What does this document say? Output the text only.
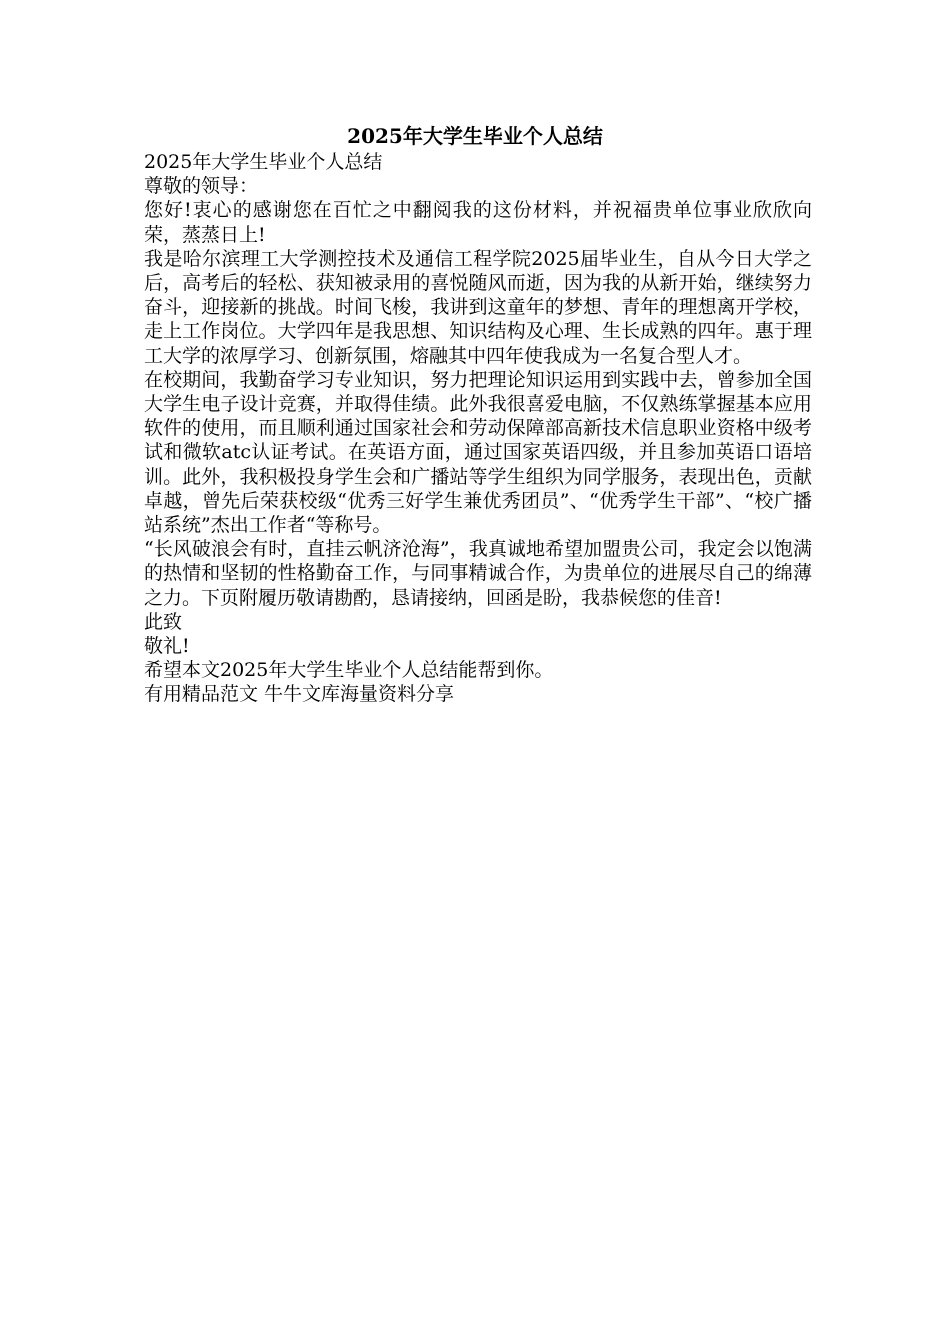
2025年大学生毕业个人总结

2025年大学生毕业个人总结

尊敬的领导：

您好!衷心的感谢您在百忙之中翻阅我的这份材料，并祝福贵单位事业欣欣向荣，蒸蒸日上!

我是哈尔滨理工大学测控技术及通信工程学院2025届毕业生，自从今日大学之后，高考后的轻松、获知被录用的喜悦随风而逝，因为我的从新开始，继续努力奋斗，迎接新的挑战。时间飞梭，我讲到这童年的梦想、青年的理想离开学校，走上工作岗位。大学四年是我思想、知识结构及心理、生长成熟的四年。惠于理工大学的浓厚学习、创新氛围，熔融其中四年使我成为一名复合型人才。

在校期间，我勤奋学习专业知识，努力把理论知识运用到实践中去，曾参加全国大学生电子设计竞赛，并取得佳绩。此外我很喜爱电脑，不仅熟练掌握基本应用软件的使用，而且顺利通过国家社会和劳动保障部高新技术信息职业资格中级考试和微软atc认证考试。在英语方面，通过国家英语四级，并且参加英语口语培训。此外，我积极投身学生会和广播站等学生组织为同学服务，表现出色，贡献卓越，曾先后荣获校级“优秀三好学生兼优秀团员”、“优秀学生干部”、“校广播站系统”杰出工作者“等称号。

“长风破浪会有时，直挂云帆济沧海”，我真诚地希望加盟贵公司，我定会以饱满的热情和坚韧的性格勤奋工作，与同事精诚合作，为贵单位的进展尽自己的绵薄之力。下页附履历敬请勘酌，恳请接纳，回函是盼，我恭候您的佳音!

此致

敬礼!

希望本文2025年大学生毕业个人总结能帮到你。

有用精品范文 牛牛文库海量资料分享
